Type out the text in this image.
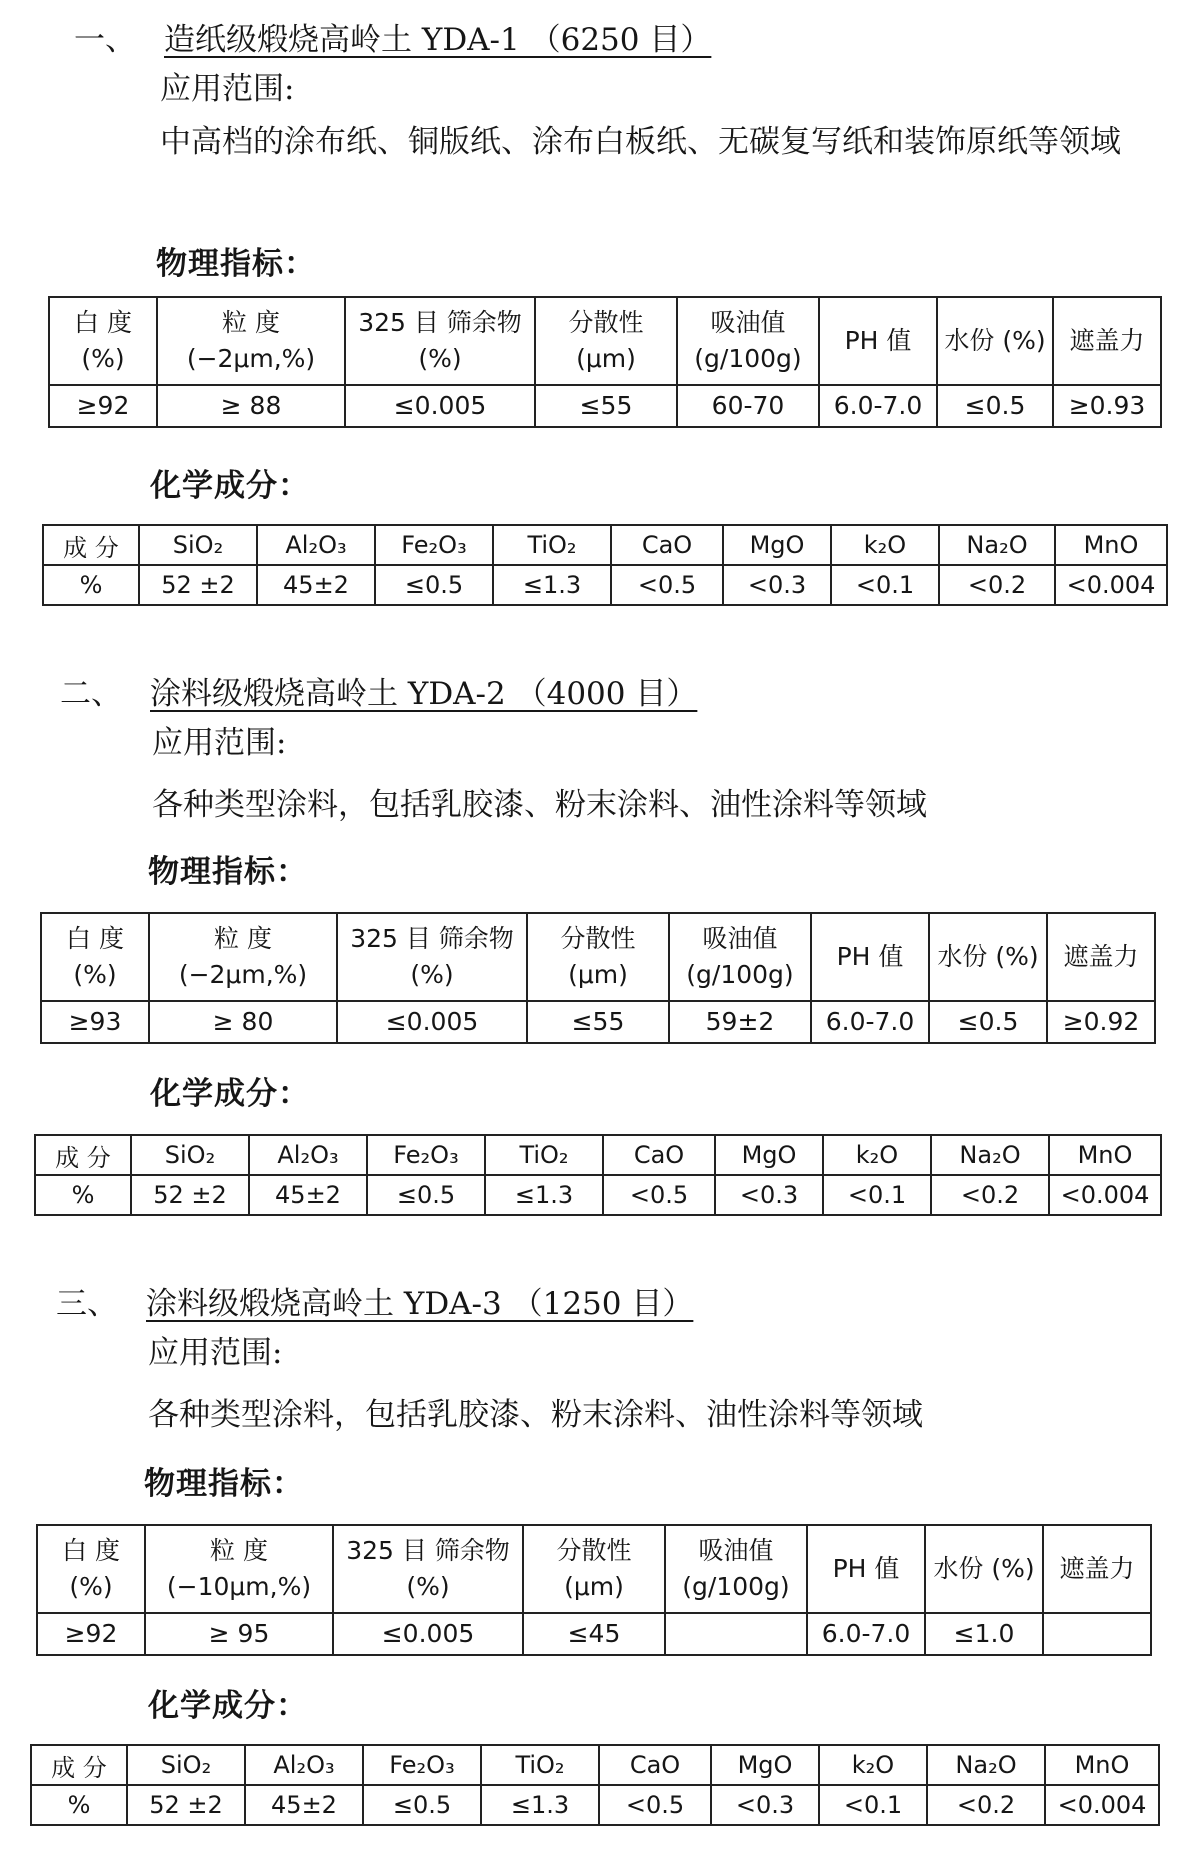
一、 造纸级煅烧高岭土 YDA-1 （6250 目）
应用范围:
中高档的涂布纸、铜版纸、涂布白板纸、无碳复写纸和装饰原纸等领域
物理指标：
白 度 (%)	粒 度 (−2μm,%)	325 目 筛余物(%)	分散性 (μm)	吸油值 (g/100g)	PH 值	水份 (%)	遮盖力
≥92	≥ 88	≤0.005	≤55	60-70	6.0-7.0	≤0.5	≥0.93
化学成分：
成 分	SiO₂	Al₂O₃	Fe₂O₃	TiO₂	CaO	MgO	k₂O	Na₂O	MnO
%	52 ±2	45±2	≤0.5	≤1.3	<0.5	<0.3	<0.1	<0.2	<0.004
二、 涂料级煅烧高岭土 YDA-2 （4000 目）
应用范围:
各种类型涂料，包括乳胶漆、粉末涂料、油性涂料等领域
物理指标：
白 度 (%)	粒 度 (−2μm,%)	325 目 筛余物(%)	分散性 (μm)	吸油值 (g/100g)	PH 值	水份 (%)	遮盖力
≥93	≥ 80	≤0.005	≤55	59±2	6.0-7.0	≤0.5	≥0.92
化学成分：
成 分	SiO₂	Al₂O₃	Fe₂O₃	TiO₂	CaO	MgO	k₂O	Na₂O	MnO
%	52 ±2	45±2	≤0.5	≤1.3	<0.5	<0.3	<0.1	<0.2	<0.004
三、 涂料级煅烧高岭土 YDA-3 （1250 目）
应用范围:
各种类型涂料，包括乳胶漆、粉末涂料、油性涂料等领域
物理指标：
白 度 (%)	粒 度 (−10μm,%)	325 目 筛余物(%)	分散性 (μm)	吸油值 (g/100g)	PH 值	水份 (%)	遮盖力
≥92	≥ 95	≤0.005	≤45		6.0-7.0	≤1.0	
化学成分：
成 分	SiO₂	Al₂O₃	Fe₂O₃	TiO₂	CaO	MgO	k₂O	Na₂O	MnO
%	52 ±2	45±2	≤0.5	≤1.3	<0.5	<0.3	<0.1	<0.2	<0.004
